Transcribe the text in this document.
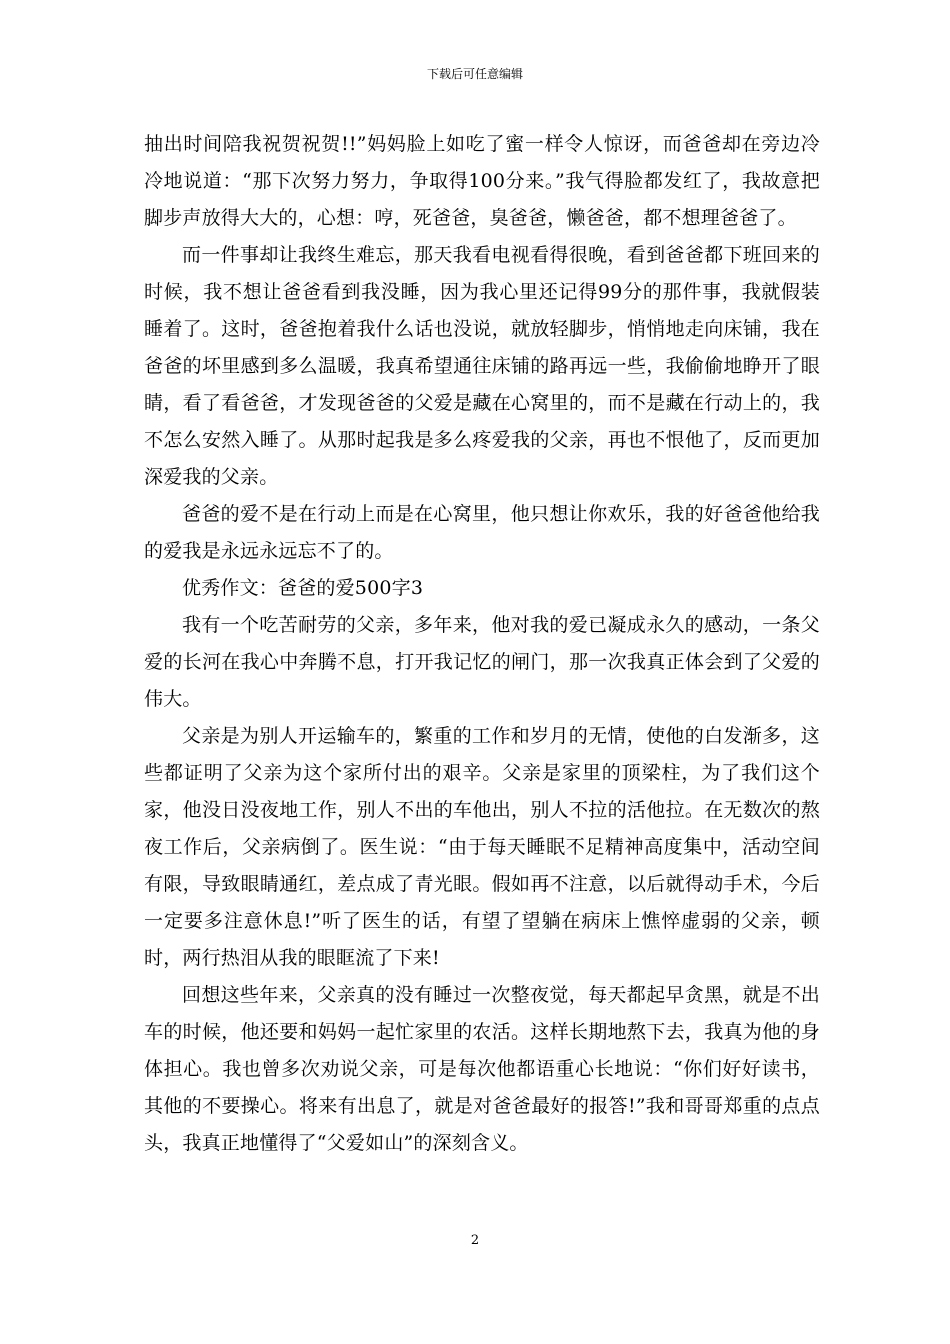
下载后可任意编辑

抽出时间陪我祝贺祝贺!!”妈妈脸上如吃了蜜一样令人惊讶，而爸爸却在旁边冷冷地说道：“那下次努力努力，争取得100分来。”我气得脸都发红了，我故意把脚步声放得大大的，心想：哼，死爸爸，臭爸爸，懒爸爸，都不想理爸爸了。

而一件事却让我终生难忘，那天我看电视看得很晚，看到爸爸都下班回来的时候，我不想让爸爸看到我没睡，因为我心里还记得99分的那件事，我就假装睡着了。这时，爸爸抱着我什么话也没说，就放轻脚步，悄悄地走向床铺，我在爸爸的坏里感到多么温暖，我真希望通往床铺的路再远一些，我偷偷地睁开了眼睛，看了看爸爸，才发现爸爸的父爱是藏在心窝里的，而不是藏在行动上的，我不怎么安然入睡了。从那时起我是多么疼爱我的父亲，再也不恨他了，反而更加深爱我的父亲。

爸爸的爱不是在行动上而是在心窝里，他只想让你欢乐，我的好爸爸他给我的爱我是永远永远忘不了的。

优秀作文：爸爸的爱500字3

我有一个吃苦耐劳的父亲，多年来，他对我的爱已凝成永久的感动，一条父爱的长河在我心中奔腾不息，打开我记忆的闸门，那一次我真正体会到了父爱的伟大。

父亲是为别人开运输车的，繁重的工作和岁月的无情，使他的白发渐多，这些都证明了父亲为这个家所付出的艰辛。父亲是家里的顶梁柱，为了我们这个家，他没日没夜地工作，别人不出的车他出，别人不拉的活他拉。在无数次的熬夜工作后，父亲病倒了。医生说：“由于每天睡眠不足精神高度集中，活动空间有限，导致眼睛通红，差点成了青光眼。假如再不注意，以后就得动手术，今后一定要多注意休息!”听了医生的话，有望了望躺在病床上憔悴虚弱的父亲，顿时，两行热泪从我的眼眶流了下来!

回想这些年来，父亲真的没有睡过一次整夜觉，每天都起早贪黑，就是不出车的时候，他还要和妈妈一起忙家里的农活。这样长期地熬下去，我真为他的身体担心。我也曾多次劝说父亲，可是每次他都语重心长地说：“你们好好读书，其他的不要操心。将来有出息了，就是对爸爸最好的报答!”我和哥哥郑重的点点头，我真正地懂得了“父爱如山”的深刻含义。

2
